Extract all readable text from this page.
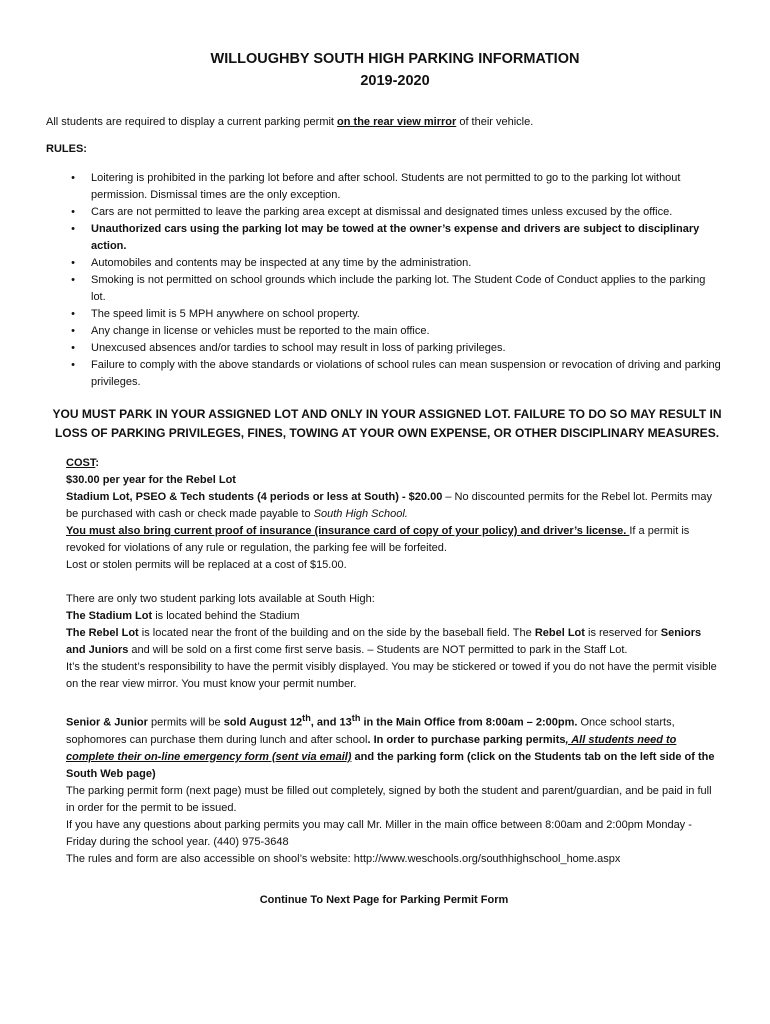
WILLOUGHBY SOUTH HIGH PARKING INFORMATION

2019-2020

All students are required to display a current parking permit on the rear view mirror of their vehicle.

RULES:

• Loitering is prohibited in the parking lot before and after school. Students are not permitted to go to the parking lot without permission. Dismissal times are the only exception.
• Cars are not permitted to leave the parking area except at dismissal and designated times unless excused by the office.
• Unauthorized cars using the parking lot may be towed at the owner’s expense and drivers are subject to disciplinary action.
• Automobiles and contents may be inspected at any time by the administration.
• Smoking is not permitted on school grounds which include the parking lot. The Student Code of Conduct applies to the parking lot.
• The speed limit is 5 MPH anywhere on school property.
• Any change in license or vehicles must be reported to the main office.
• Unexcused absences and/or tardies to school may result in loss of parking privileges.
• Failure to comply with the above standards or violations of school rules can mean suspension or revocation of driving and parking privileges.

YOU MUST PARK IN YOUR ASSIGNED LOT AND ONLY IN YOUR ASSIGNED LOT. FAILURE TO DO SO MAY RESULT IN LOSS OF PARKING PRIVILEGES, FINES, TOWING AT YOUR OWN EXPENSE, OR OTHER DISCIPLINARY MEASURES.

COST:
$30.00 per year for the Rebel Lot
Stadium Lot, PSEO & Tech students (4 periods or less at South) - $20.00 – No discounted permits for the Rebel lot. Permits may be purchased with cash or check made payable to South High School.
You must also bring current proof of insurance (insurance card of copy of your policy) and driver’s license. If a permit is revoked for violations of any rule or regulation, the parking fee will be forfeited.
Lost or stolen permits will be replaced at a cost of $15.00.
There are only two student parking lots available at South High:
The Stadium Lot is located behind the Stadium
The Rebel Lot is located near the front of the building and on the side by the baseball field. The Rebel Lot is reserved for Seniors and Juniors and will be sold on a first come first serve basis. – Students are NOT permitted to park in the Staff Lot.
It’s the student’s responsibility to have the permit visibly displayed. You may be stickered or towed if you do not have the permit visible on the rear view mirror. You must know your permit number.
Senior & Junior permits will be sold August 12th, and 13th in the Main Office from 8:00am – 2:00pm. Once school starts, sophomores can purchase them during lunch and after school. In order to purchase parking permits, All students need to complete their on-line emergency form (sent via email) and the parking form (click on the Students tab on the left side of the South Web page)
The parking permit form (next page) must be filled out completely, signed by both the student and parent/guardian, and be paid in full in order for the permit to be issued.
If you have any questions about parking permits you may call Mr. Miller in the main office between 8:00am and 2:00pm Monday - Friday during the school year. (440) 975-3648
The rules and form are also accessible on shool’s website: http://www.weschools.org/southhighschool_home.aspx

Continue To Next Page for Parking Permit Form
